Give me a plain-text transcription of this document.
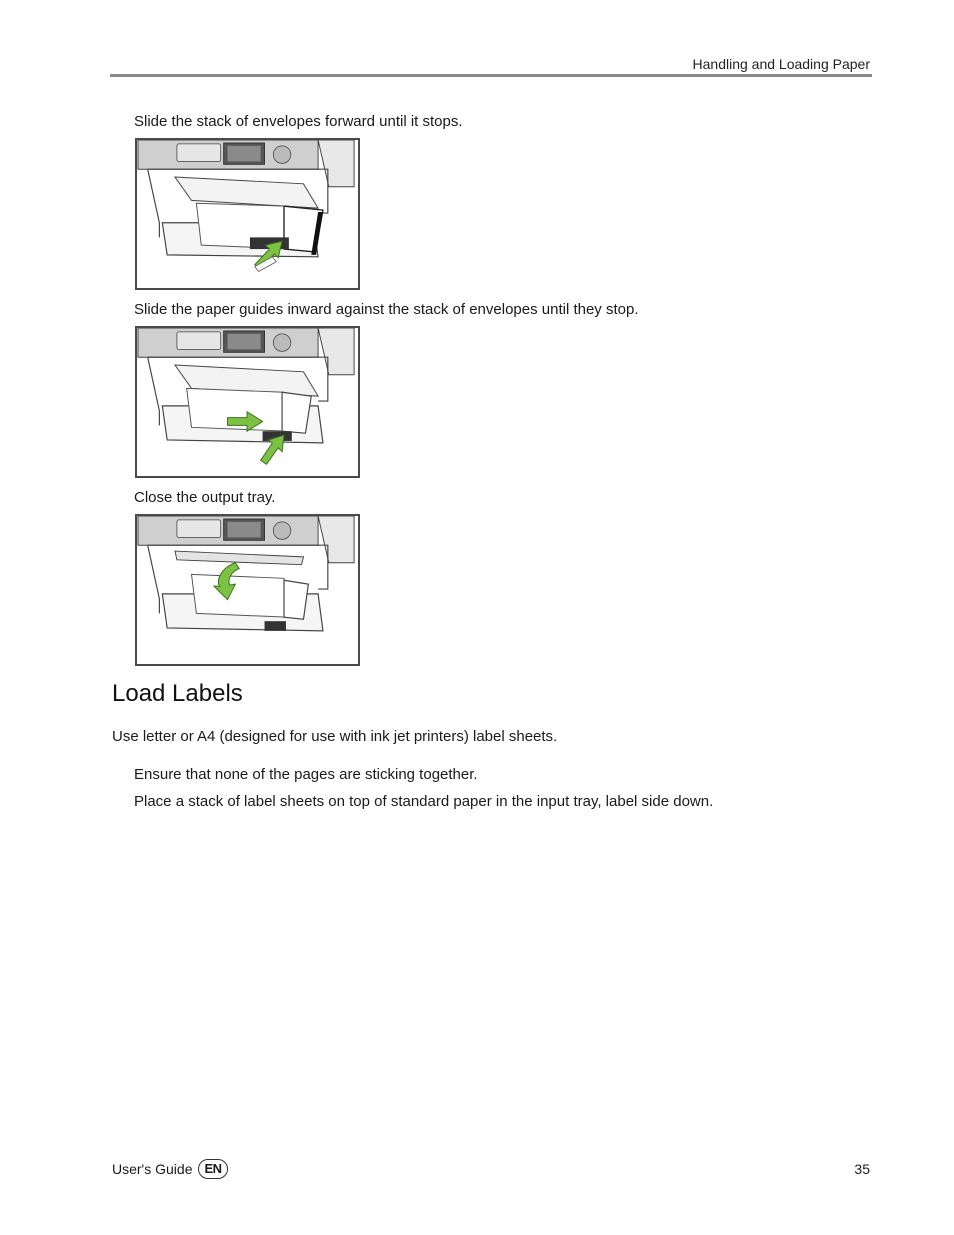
Handling and Loading Paper
Slide the stack of envelopes forward until it stops.
Slide the paper guides inward against the stack of envelopes until they stop.
Close the output tray.
Load Labels
Use letter or A4 (designed for use with ink jet printers) label sheets.
Ensure that none of the pages are sticking together.
Place a stack of label sheets on top of standard paper in the input tray, label side down.
User's Guide EN	35
